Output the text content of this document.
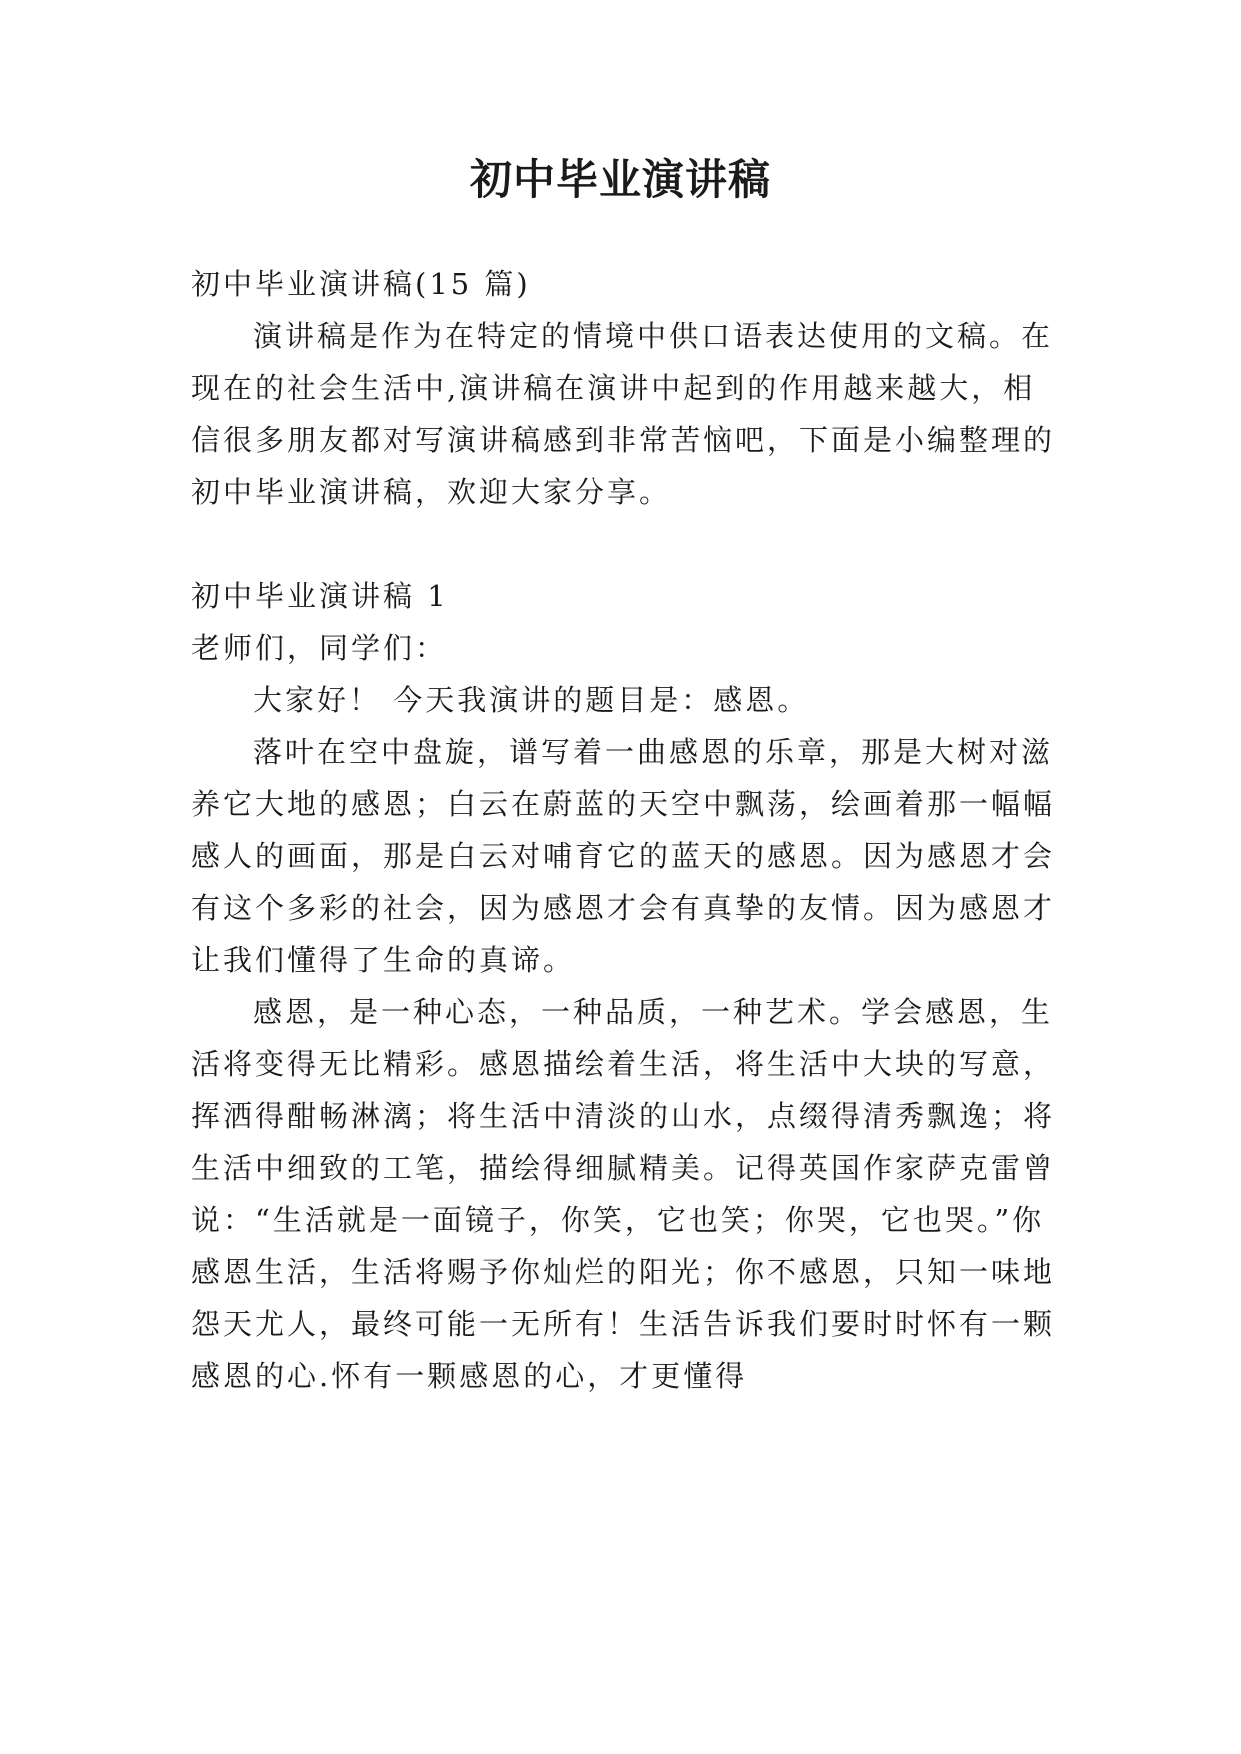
初中毕业演讲稿

初中毕业演讲稿(15 篇)

演讲稿是作为在特定的情境中供口语表达使用的文稿。在现在的社会生活中,演讲稿在演讲中起到的作用越来越大，相信很多朋友都对写演讲稿感到非常苦恼吧，下面是小编整理的初中毕业演讲稿，欢迎大家分享。

初中毕业演讲稿 1

老师们，同学们：

大家好！ 今天我演讲的题目是：感恩。

落叶在空中盘旋，谱写着一曲感恩的乐章，那是大树对滋养它大地的感恩；白云在蔚蓝的天空中飘荡，绘画着那一幅幅感人的画面，那是白云对哺育它的蓝天的感恩。因为感恩才会有这个多彩的社会，因为感恩才会有真挚的友情。因为感恩才让我们懂得了生命的真谛。

感恩，是一种心态，一种品质，一种艺术。学会感恩，生活将变得无比精彩。感恩描绘着生活，将生活中大块的写意，挥洒得酣畅淋漓；将生活中清淡的山水，点缀得清秀飘逸；将生活中细致的工笔，描绘得细腻精美。记得英国作家萨克雷曾说：“生活就是一面镜子，你笑，它也笑；你哭，它也哭。”你感恩生活，生活将赐予你灿烂的阳光；你不感恩，只知一味地怨天尤人，最终可能一无所有！生活告诉我们要时时怀有一颗感恩的心.怀有一颗感恩的心，才更懂得
